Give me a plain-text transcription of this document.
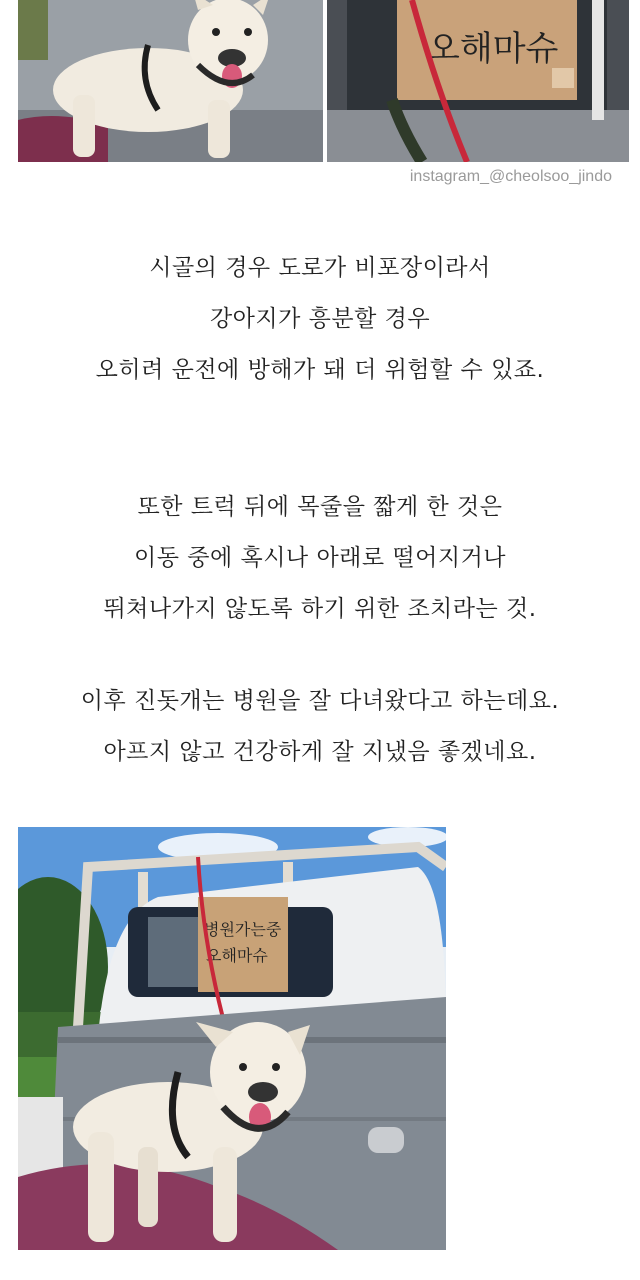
오해마슈
instagram_@cheolsoo_jindo
시골의 경우 도로가 비포장이라서
강아지가 흥분할 경우
오히려 운전에 방해가 돼 더 위험할 수 있죠.
또한 트럭 뒤에 목줄을 짧게 한 것은
이동 중에 혹시나 아래로 떨어지거나
뛰쳐나가지 않도록 하기 위한 조치라는 것.
이후 진돗개는 병원을 잘 다녀왔다고 하는데요.
아프지 않고 건강하게 잘 지냈음 좋겠네요.
병원가는중
오해마슈
